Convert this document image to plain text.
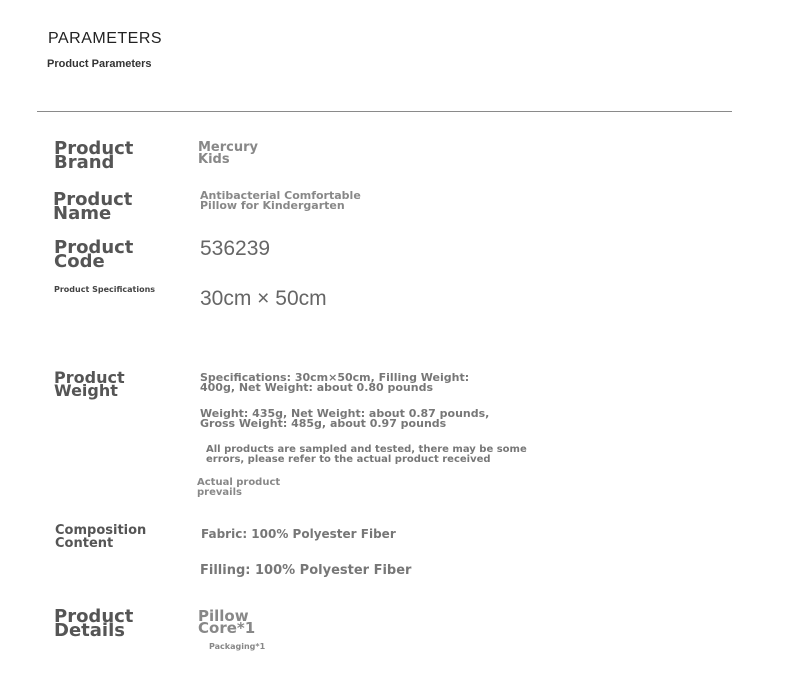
PARAMETERS
Product Parameters
Product
Brand
Mercury
Kids
Product
Name
Antibacterial Comfortable
Pillow for Kindergarten
Product
Code
536239
Product Specifications 30cm × 50cm
Product
Weight
Specifications: 30cm×50cm, Filling Weight:
400g, Net Weight: about 0.80 pounds
Weight: 435g, Net Weight: about 0.87 pounds,
Gross Weight: 485g, about 0.97 pounds
All products are sampled and tested, there may be some
errors, please refer to the actual product received
Actual product
prevails
Composition
Content
Fabric: 100% Polyester Fiber
Filling: 100% Polyester Fiber
Product
Details
Pillow
Core*1
Packaging*1
